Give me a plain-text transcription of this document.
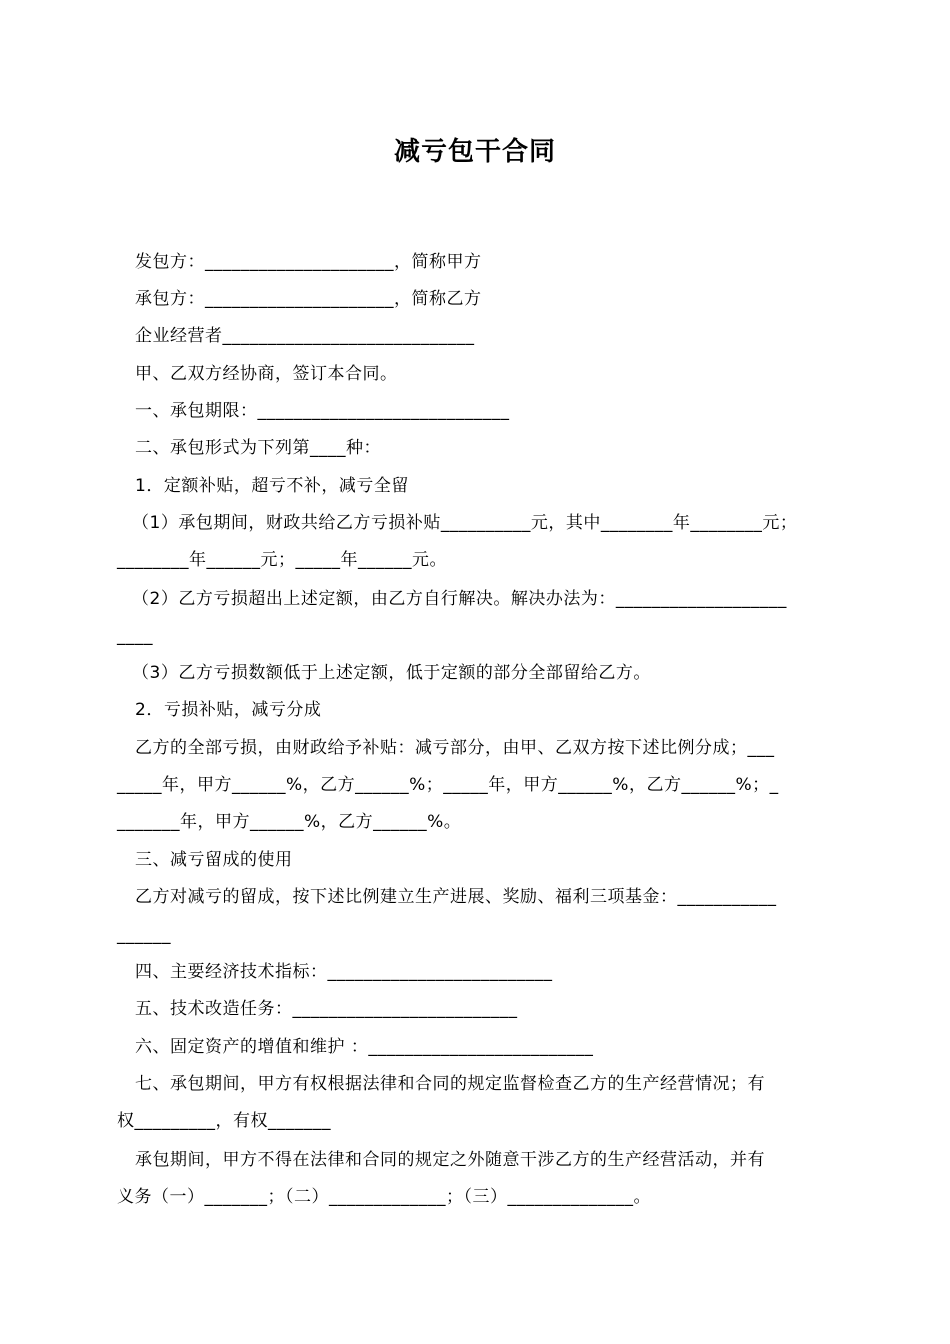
减亏包干合同
发包方：_____________________，简称甲方
承包方：_____________________，简称乙方
企业经营者____________________________
甲、乙双方经协商，签订本合同。
一、承包期限：____________________________
二、承包形式为下列第____种：
1．定额补贴，超亏不补，减亏全留
（1）承包期间，财政共给乙方亏损补贴__________元，其中________年________元；
________年______元；_____年______元。
（2）乙方亏损超出上述定额，由乙方自行解决。解决办法为：___________________
____
（3）乙方亏损数额低于上述定额，低于定额的部分全部留给乙方。
2．亏损补贴，减亏分成
乙方的全部亏损，由财政给予补贴：减亏部分，由甲、乙双方按下述比例分成；___
_____年，甲方______%，乙方______%；_____年，甲方______%，乙方______%；_
_______年，甲方______%，乙方______%。
三、减亏留成的使用
乙方对减亏的留成，按下述比例建立生产进展、奖励、福利三项基金：___________
______
四、主要经济技术指标：_________________________
五、技术改造任务：_________________________
六、固定资产的增值和维护 ：_________________________
七、承包期间，甲方有权根据法律和合同的规定监督检查乙方的生产经营情况；有
权_________，有权_______
承包期间，甲方不得在法律和合同的规定之外随意干涉乙方的生产经营活动，并有
义务（一）_______；（二）_____________；（三）______________。
